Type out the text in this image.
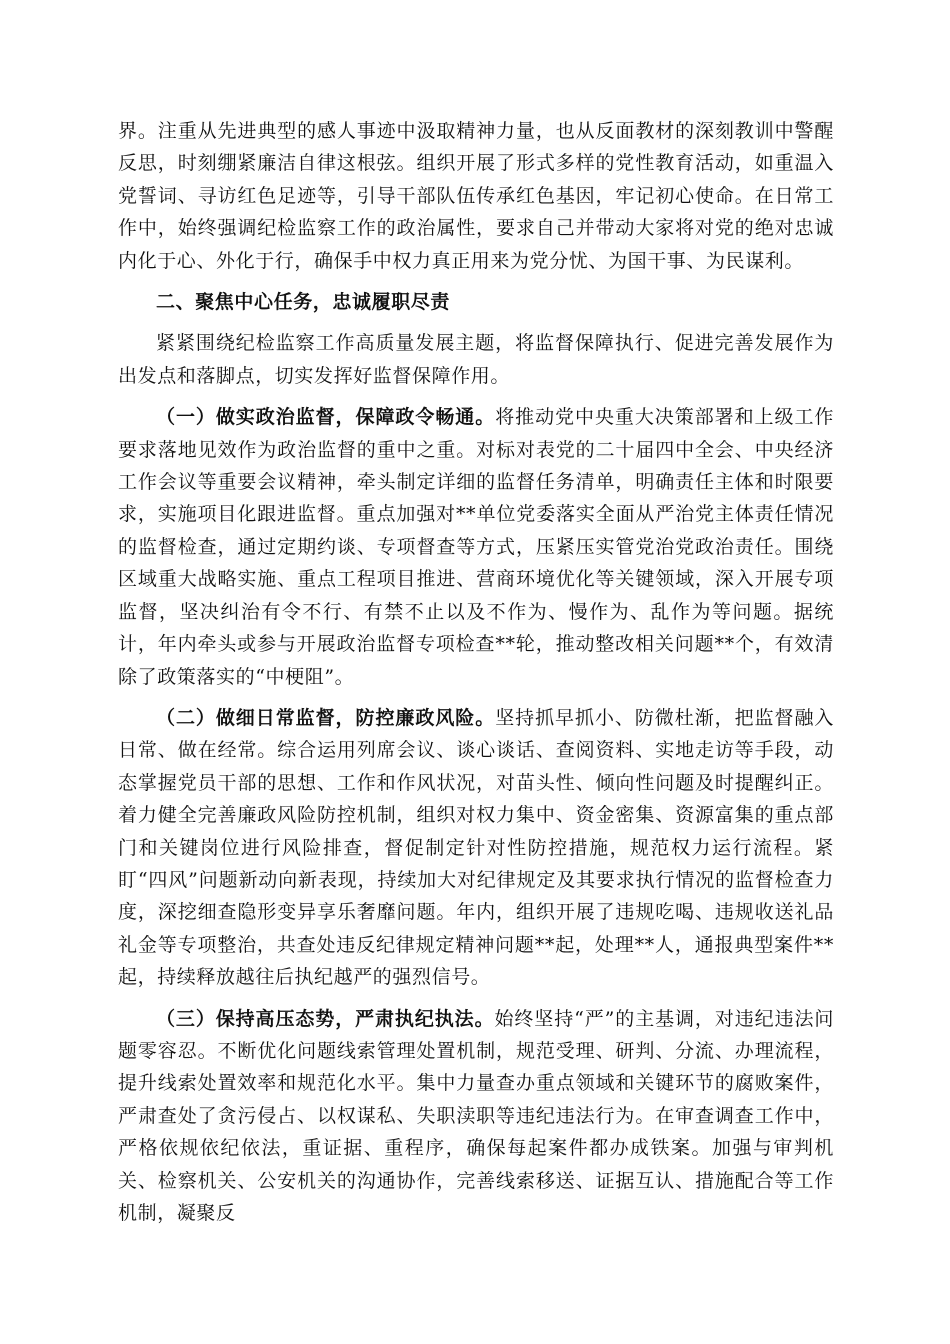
界。注重从先进典型的感人事迹中汲取精神力量，也从反面教材的深刻教训中警醒反思，时刻绷紧廉洁自律这根弦。组织开展了形式多样的党性教育活动，如重温入党誓词、寻访红色足迹等，引导干部队伍传承红色基因，牢记初心使命。在日常工作中，始终强调纪检监察工作的政治属性，要求自己并带动大家将对党的绝对忠诚内化于心、外化于行，确保手中权力真正用来为党分忧、为国干事、为民谋利。

二、聚焦中心任务，忠诚履职尽责

紧紧围绕纪检监察工作高质量发展主题，将监督保障执行、促进完善发展作为出发点和落脚点，切实发挥好监督保障作用。

（一）做实政治监督，保障政令畅通。将推动党中央重大决策部署和上级工作要求落地见效作为政治监督的重中之重。对标对表党的二十届四中全会、中央经济工作会议等重要会议精神，牵头制定详细的监督任务清单，明确责任主体和时限要求，实施项目化跟进监督。重点加强对**单位党委落实全面从严治党主体责任情况的监督检查，通过定期约谈、专项督查等方式，压紧压实管党治党政治责任。围绕区域重大战略实施、重点工程项目推进、营商环境优化等关键领域，深入开展专项监督，坚决纠治有令不行、有禁不止以及不作为、慢作为、乱作为等问题。据统计，年内牵头或参与开展政治监督专项检查**轮，推动整改相关问题**个，有效清除了政策落实的“中梗阻”。

（二）做细日常监督，防控廉政风险。坚持抓早抓小、防微杜渐，把监督融入日常、做在经常。综合运用列席会议、谈心谈话、查阅资料、实地走访等手段，动态掌握党员干部的思想、工作和作风状况，对苗头性、倾向性问题及时提醒纠正。着力健全完善廉政风险防控机制，组织对权力集中、资金密集、资源富集的重点部门和关键岗位进行风险排查，督促制定针对性防控措施，规范权力运行流程。紧盯“四风”问题新动向新表现，持续加大对纪律规定及其要求执行情况的监督检查力度，深挖细查隐形变异享乐奢靡问题。年内，组织开展了违规吃喝、违规收送礼品礼金等专项整治，共查处违反纪律规定精神问题**起，处理**人，通报典型案件**起，持续释放越往后执纪越严的强烈信号。

（三）保持高压态势，严肃执纪执法。始终坚持“严”的主基调，对违纪违法问题零容忍。不断优化问题线索管理处置机制，规范受理、研判、分流、办理流程，提升线索处置效率和规范化水平。集中力量查办重点领域和关键环节的腐败案件，严肃查处了贪污侵占、以权谋私、失职渎职等违纪违法行为。在审查调查工作中，严格依规依纪依法，重证据、重程序，确保每起案件都办成铁案。加强与审判机关、检察机关、公安机关的沟通协作，完善线索移送、证据互认、措施配合等工作机制，凝聚反
